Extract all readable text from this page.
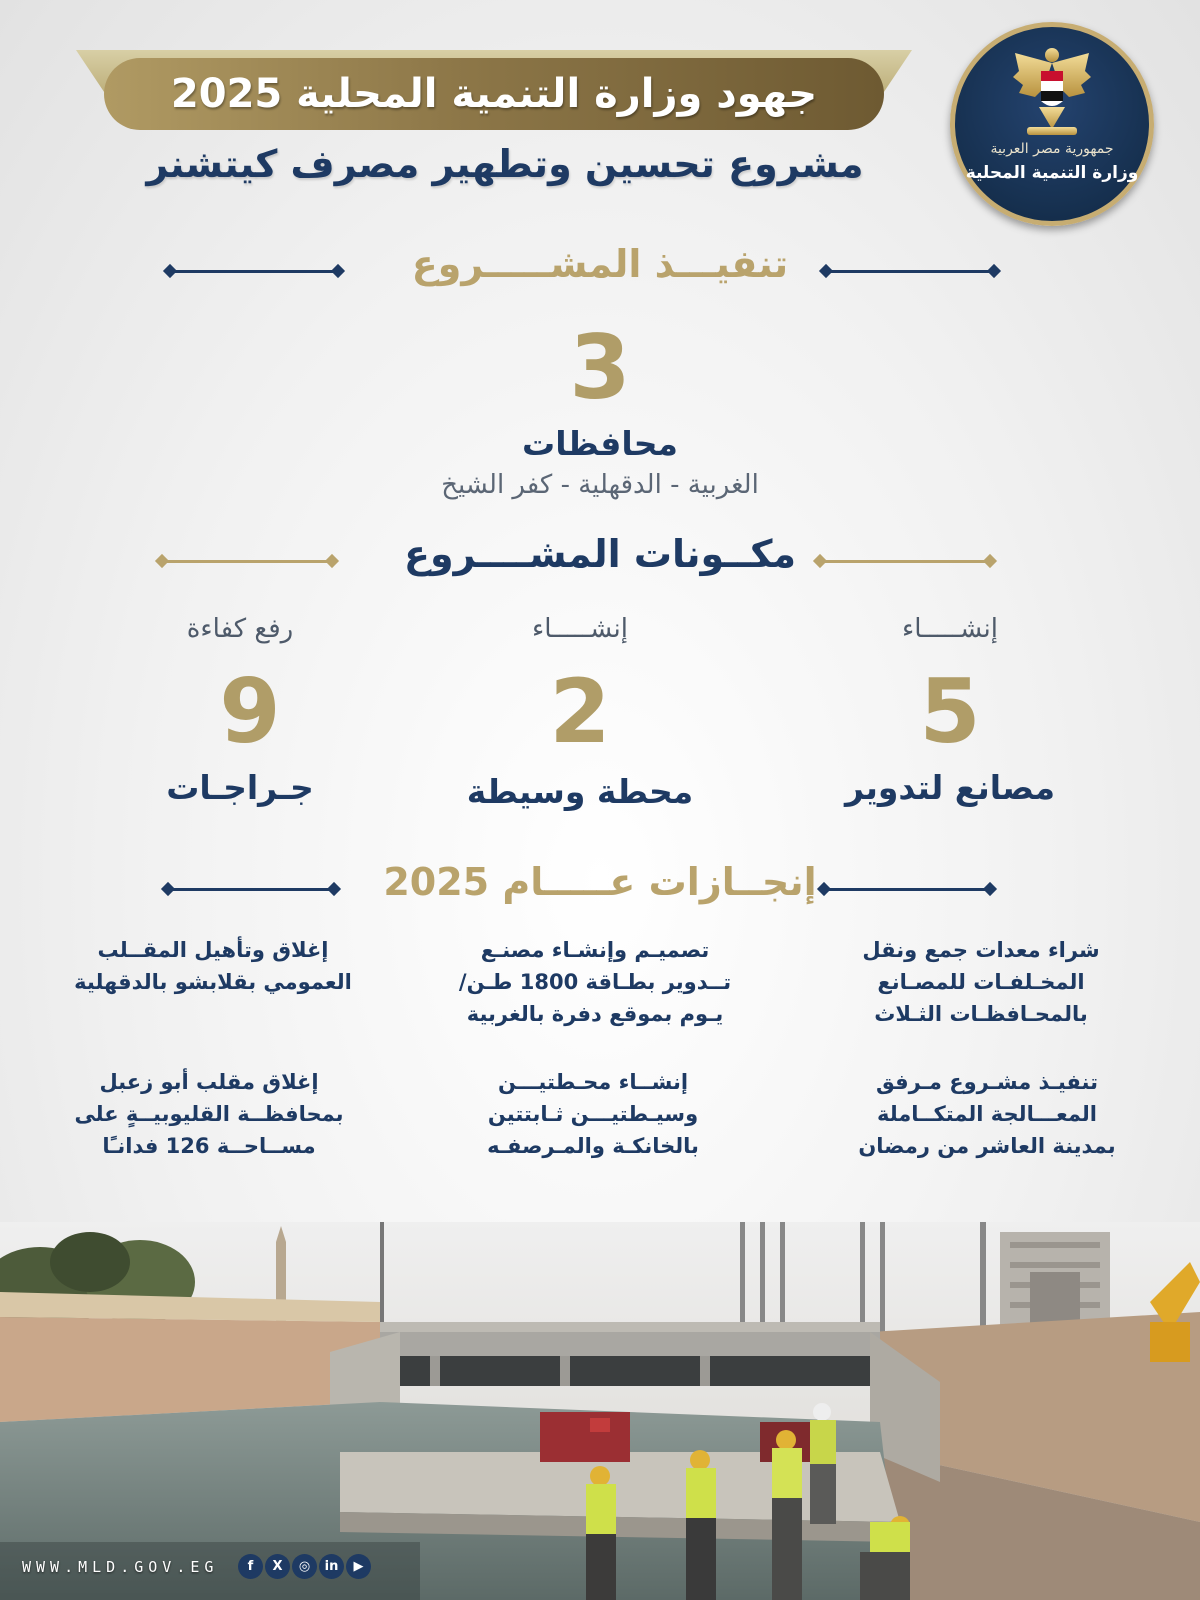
جهود وزارة التنمية المحلية 2025
مشروع تحسين وتطهير مصرف كيتشنر	جمهورية مصر العربية
وزارة التنمية المحلية
تنفيـــذ المشـــــروع
3
محافظات
الغربية - الدقهلية - كفر الشيخ
مكــونات المشــــروع
إنشـــــاء
5
مصانع لتدوير
إنشـــــاء
2
محطة وسيطة
رفع كفاءة
9
جـراجـات
إنجــازات عـــــام 2025
شراء معدات جمع ونقل المخـلفـات للمصـانع بالمحـافظـات الثـلاث
تصميـم وإنشـاء مصنـع تــدوير بطـاقة 1800 طـن/ يـوم بموقع دفرة بالغربية
إغلاق وتأهيل المقــلب العمومي بقلابشو بالدقهلية
تنفيـذ مشـروع مـرفق المعـــالجة المتكــاملة بمدينة العاشر من رمضان
إنشــاء محـطتيـــن وسيـطتيـــن ثـابتتين بالخانكـة والمـرصفـه
إغلاق مقلب أبو زعبل بمحافظــة القليوبيــةٍ على مســاحــة 126 فدانـًا
WWW.MLD.GOV.EG	f	X	◎	in	▶
